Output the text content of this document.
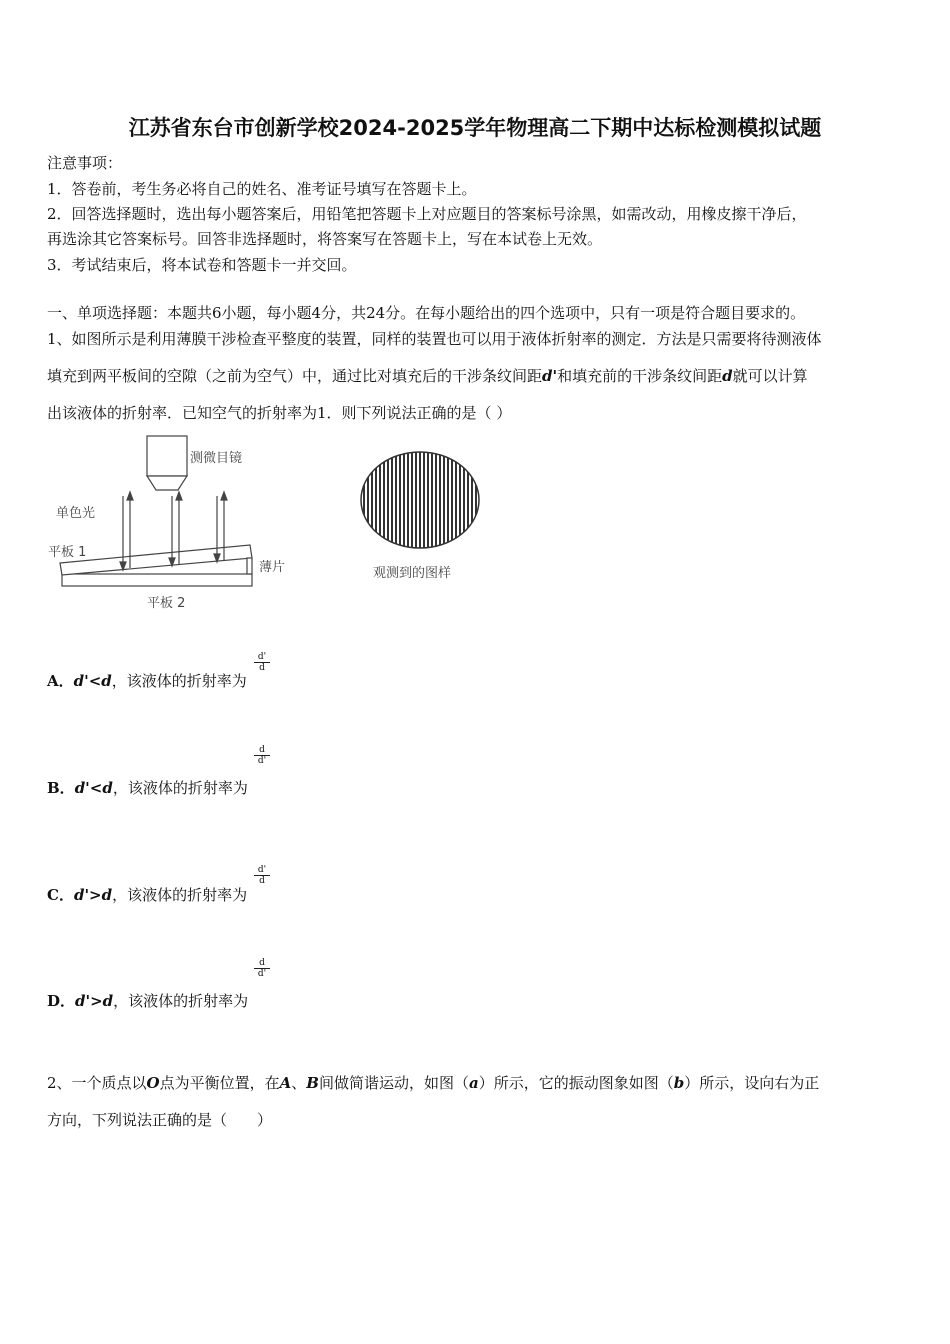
江苏省东台市创新学校2024-2025学年物理高二下期中达标检测模拟试题
注意事项：
1．答卷前，考生务必将自己的姓名、准考证号填写在答题卡上。
2．回答选择题时，选出每小题答案后，用铅笔把答题卡上对应题目的答案标号涂黑，如需改动，用橡皮擦干净后，
再选涂其它答案标号。回答非选择题时，将答案写在答题卡上，写在本试卷上无效。
3．考试结束后，将本试卷和答题卡一并交回。
一、单项选择题：本题共6小题，每小题4分，共24分。在每小题给出的四个选项中，只有一项是符合题目要求的。
1、如图所示是利用薄膜干涉检查平整度的装置，同样的装置也可以用于液体折射率的测定．方法是只需要将待测液体
填充到两平板间的空隙（之前为空气）中，通过比对填充后的干涉条纹间距d'和填充前的干涉条纹间距d就可以计算
出该液体的折射率．已知空气的折射率为1．则下列说法正确的是（ ）
测微目镜
单色光
平板 1
平板 2
薄片	观测到的图样
A．d'<d，该液体的折射率为
$\frac{d'}{d}$
B．d'<d，该液体的折射率为
$\frac{d}{d'}$
C．d'>d，该液体的折射率为
$\frac{d'}{d}$
D．d'>d，该液体的折射率为
$\frac{d}{d'}$
2、一个质点以O点为平衡位置，在A、B间做简谐运动，如图（a）所示，它的振动图象如图（b）所示，设向右为正
方向，下列说法正确的是（　　）
